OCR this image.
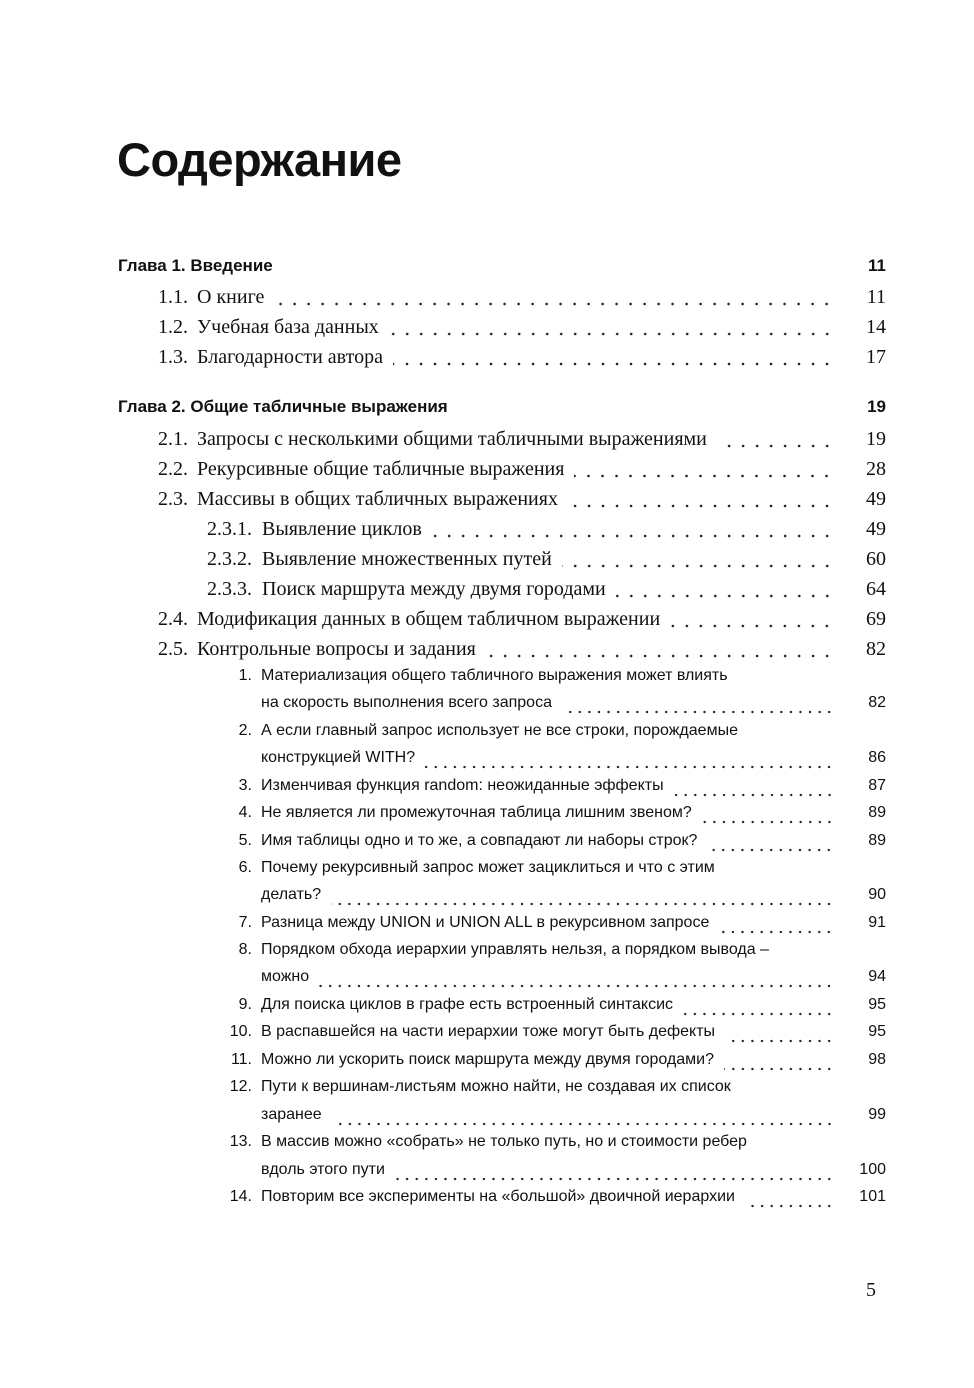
Содержание
Глава 1. Введение	11
1.1. О книге	11
1.2. Учебная база данных	14
1.3. Благодарности автора	17
Глава 2. Общие табличные выражения	19
2.1. Запросы с несколькими общими табличными выражениями	19
2.2. Рекурсивные общие табличные выражения	28
2.3. Массивы в общих табличных выражениях	49
2.3.1. Выявление циклов	49
2.3.2. Выявление множественных путей	60
2.3.3. Поиск маршрута между двумя городами	64
2.4. Модификация данных в общем табличном выражении	69
2.5. Контрольные вопросы и задания	82
1. Материализация общего табличного выражения может влиять
на скорость выполнения всего запроса	82
2. А если главный запрос использует не все строки, порождаемые
конструкцией WITH?	86
3. Изменчивая функция random: неожиданные эффекты	87
4. Не является ли промежуточная таблица лишним звеном?	89
5. Имя таблицы одно и то же, а совпадают ли наборы строк?	89
6. Почему рекурсивный запрос может зациклиться и что с этим
делать?	90
7. Разница между UNION и UNION ALL в рекурсивном запросе	91
8. Порядком обхода иерархии управлять нельзя, а порядком вывода –
можно	94
9. Для поиска циклов в графе есть встроенный синтаксис	95
10. В распавшейся на части иерархии тоже могут быть дефекты	95
11. Можно ли ускорить поиск маршрута между двумя городами?	98
12. Пути к вершинам-листьям можно найти, не создавая их список
заранее	99
13. В массив можно «собрать» не только путь, но и стоимости ребер
вдоль этого пути	100
14. Повторим все эксперименты на «большой» двоичной иерархии	101
5
